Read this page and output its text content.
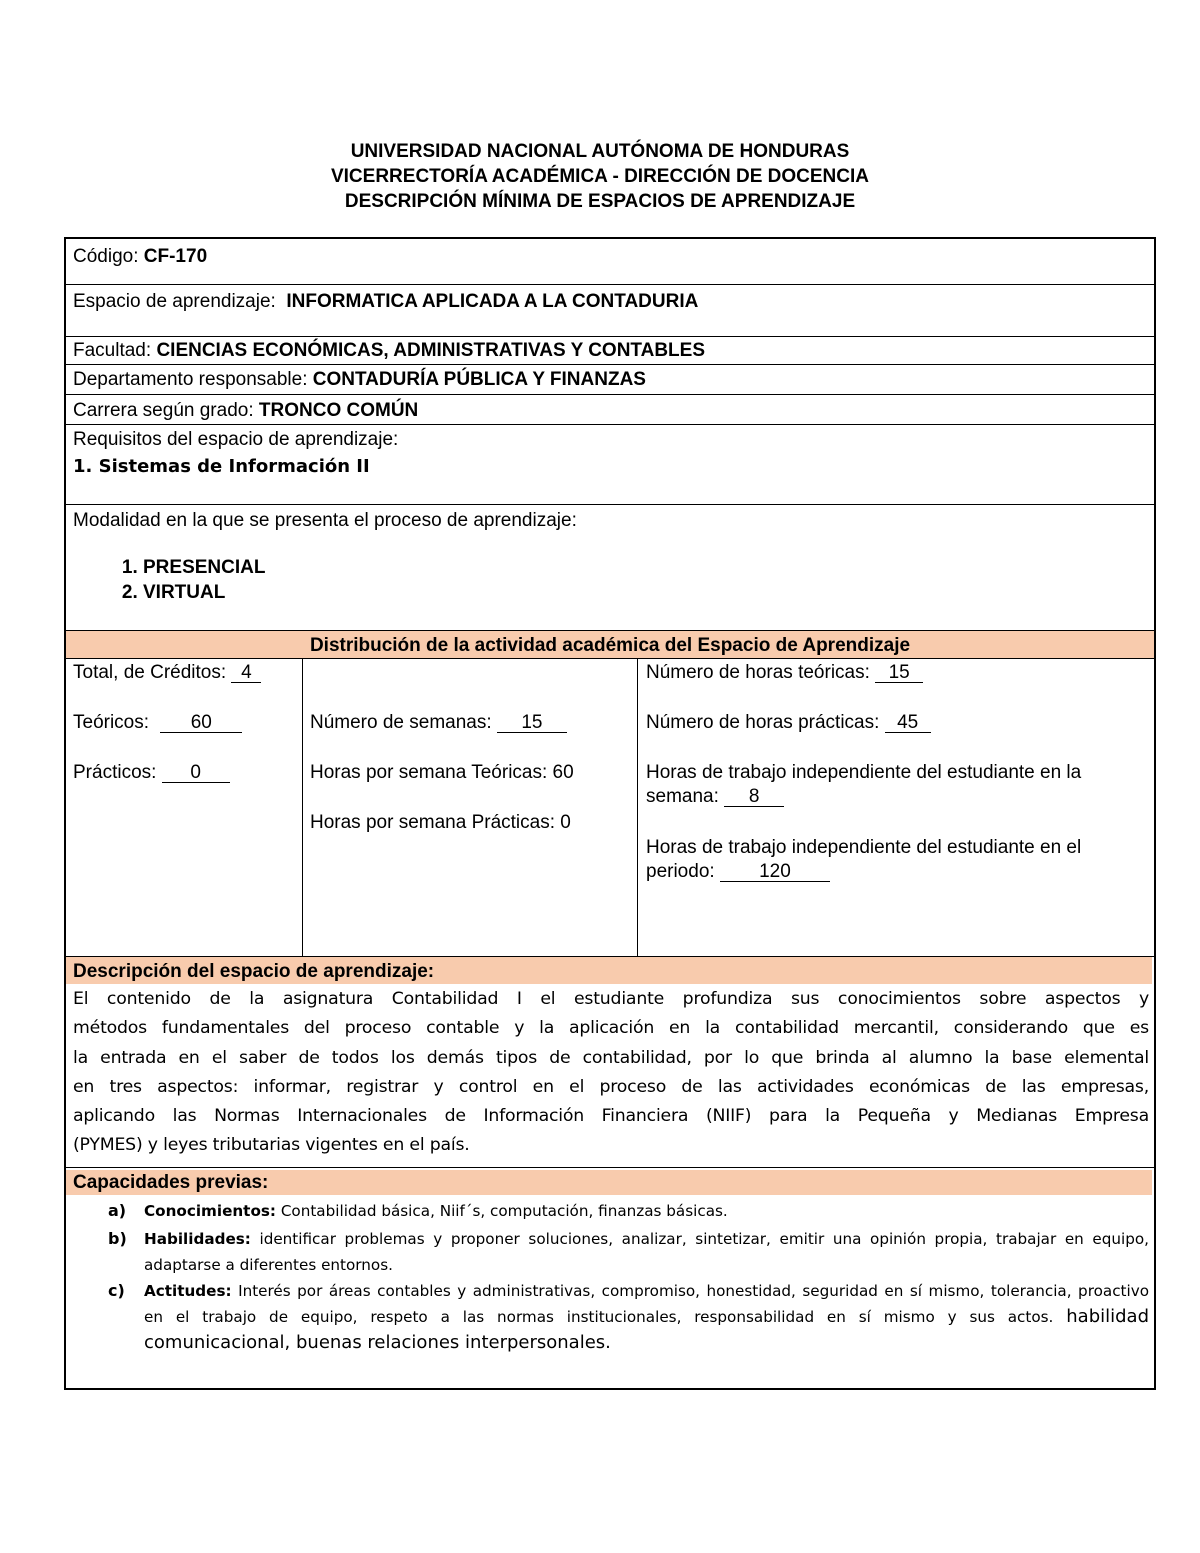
UNIVERSIDAD NACIONAL AUTÓNOMA DE HONDURAS
VICERRECTORÍA ACADÉMICA - DIRECCIÓN DE DOCENCIA
DESCRIPCIÓN MÍNIMA DE ESPACIOS DE APRENDIZAJE
Código: CF-170
Espacio de aprendizaje: INFORMATICA APLICADA A LA CONTADURIA
Facultad: CIENCIAS ECONÓMICAS, ADMINISTRATIVAS Y CONTABLES
Departamento responsable: CONTADURÍA PÚBLICA Y FINANZAS
Carrera según grado: TRONCO COMÚN
Requisitos del espacio de aprendizaje:
1. Sistemas de Información II
Modalidad en la que se presenta el proceso de aprendizaje:
1. PRESENCIAL
2. VIRTUAL
Distribución de la actividad académica del Espacio de Aprendizaje
Total, de Créditos: 4
Teóricos: 60
Prácticos: 0
Número de semanas: 15
Horas por semana Teóricas: 60
Horas por semana Prácticas: 0
Número de horas teóricas: 15
Número de horas prácticas: 45
Horas de trabajo independiente del estudiante en la
semana: 8
Horas de trabajo independiente del estudiante en el
periodo: 120
Descripción del espacio de aprendizaje:
El contenido de la asignatura Contabilidad I el estudiante profundiza sus conocimientos sobre aspectos y
métodos fundamentales del proceso contable y la aplicación en la contabilidad mercantil, considerando que es
la entrada en el saber de todos los demás tipos de contabilidad, por lo que brinda al alumno la base elemental
en tres aspectos: informar, registrar y control en el proceso de las actividades económicas de las empresas,
aplicando las Normas Internacionales de Información Financiera (NIIF) para la Pequeña y Medianas Empresa
(PYMES) y leyes tributarias vigentes en el país.
Capacidades previas:
a) Conocimientos: Contabilidad básica, Niif´s, computación, finanzas básicas.
b) Habilidades: identificar problemas y proponer soluciones, analizar, sintetizar, emitir una opinión propia, trabajar en equipo, adaptarse a diferentes entornos.
c) Actitudes: Interés por áreas contables y administrativas, compromiso, honestidad, seguridad en sí mismo, tolerancia, proactivo en el trabajo de equipo, respeto a las normas institucionales, responsabilidad en sí mismo y sus actos. habilidad comunicacional, buenas relaciones interpersonales.
